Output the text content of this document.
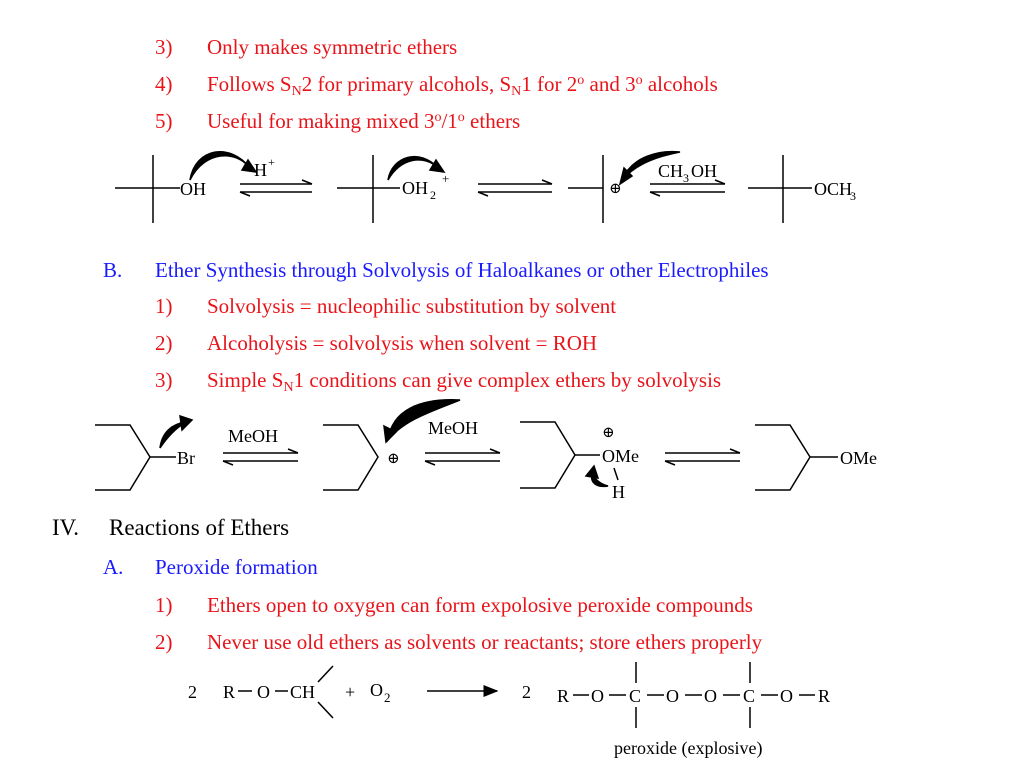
3) Only makes symmetric ethers
4) Follows $S_N2$ for primary alcohols, $S_N1$ for 2$^o$ and 3$^o$ alcohols
5) Useful for making mixed 3$^o$/1$^o$ ethers
B. Ether Synthesis through Solvolysis of Haloalkanes or other Electrophiles
1) Solvolysis = nucleophilic substitution by solvent
2) Alcoholysis = solvolysis when solvent = ROH
3) Simple $S_N1$ conditions can give complex ethers by solvolysis
IV. Reactions of Ethers
A. Peroxide formation
1) Ethers open to oxygen can form expolosive peroxide compounds
2) Never use old ethers as solvents or reactants; store ethers properly
OH
H +
OH 2
+
⊕
CH 3 OH
OCH
3
Br
MeOH
⊕
MeOH	⊕
OMe
H
OMe
2 R O CH + O 2	2 R O C O O C O R
peroxide (explosive)
